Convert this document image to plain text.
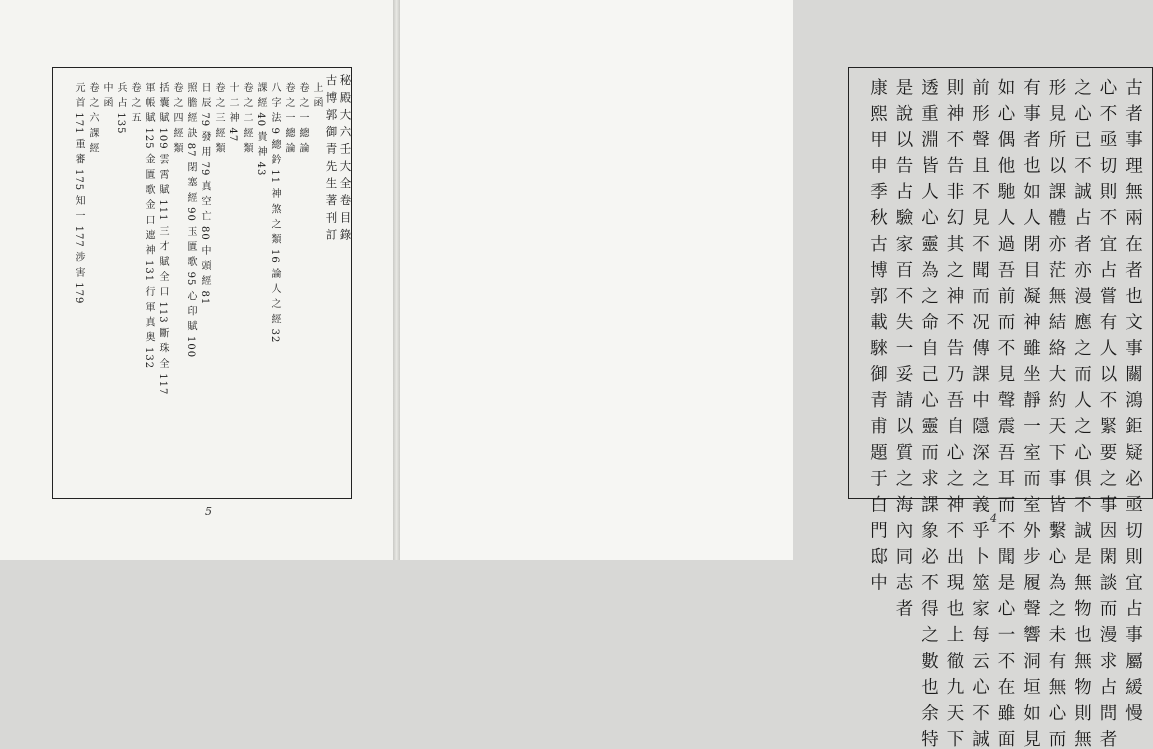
秘 殿 大 六 壬 大 全 卷 目 錄
古 博 郭 御 青 先 生 著 刊 訂
上 函
卷 之 一 總 論
卷 之 一 總 論
八 字 法 9 總 鈐 11 神 煞 之 類 16 論 人 之 經 32
課 經 40 貴 神 43
卷 之 二 經 類
十 二 神 47
卷 之 三 經 類
日 辰 79 發 用 79 真 空 亡 80 中 頭 經 81
照 膽 經 訣 87 閉 塞 經 90 玉 匱 歌 95 心 印 賦 100
卷 之 四 經 類
括 囊 賦 109 雲 霄 賦 111 三 才 賦 全 口 113 斷 珠 全 117
軍 帳 賦 125 金 匱 歌 金 口 遮 神 131 行 軍 真 奥 132
卷 之 五
兵 占 135
中 函
卷 之 六 課 經
元 首 171 重 審 175 知 一 177 涉 害 179
5	古 者 事 理 無 兩 在 者 也 文 事 關 鴻 鉅 疑 必 亟 切 則 宜 占 事 屬 緩 慢
心 不 亟 切 則 不 宜 占 嘗 有 人 以 不 緊 要 之 事 因 閑 談 而 漫 求 占 問 者
之 心 已 不 誠 占 者 亦 漫 應 之 而 人 之 心 俱 不 誠 是 無 物 也 無 物 則 無
形 見 所 以 課 體 亦 茫 無 結 絡 大 約 天 下 事 皆 繫 心 為 之 未 有 無 心 而
有 事 者 也 如 人 閉 目 凝 神 雖 坐 靜 一 室 而 室 外 步 履 聲 響 洞 垣 如 見
如 心 偶 他 馳 人 過 吾 前 而 不 見 聲 震 吾 耳 而 不 聞 是 心 一 不 在 雖 面
前 形 聲 且 不 見 不 聞 而 况 傳 課 中 隱 深 之 義 乎 卜 筮 家 每 云 心 不 誠
則 神 不 告 非 幻 其 之 神 不 告 乃 吾 自 心 之 神 不 出 現 也 上 徹 九 天 下
透 重 淵 皆 人 心 靈 為 之 命 自 己 心 靈 而 求 課 象 必 不 得 之 數 也 余 特
是 說 以 告 占 驗 家 百 不 失 一 妥 請 以 質 之 海 內 同 志 者
康 熙 甲 申 季 秋 古 博 郭 載 騋 御 青 甫 題 于 白 門 邸 中	4
